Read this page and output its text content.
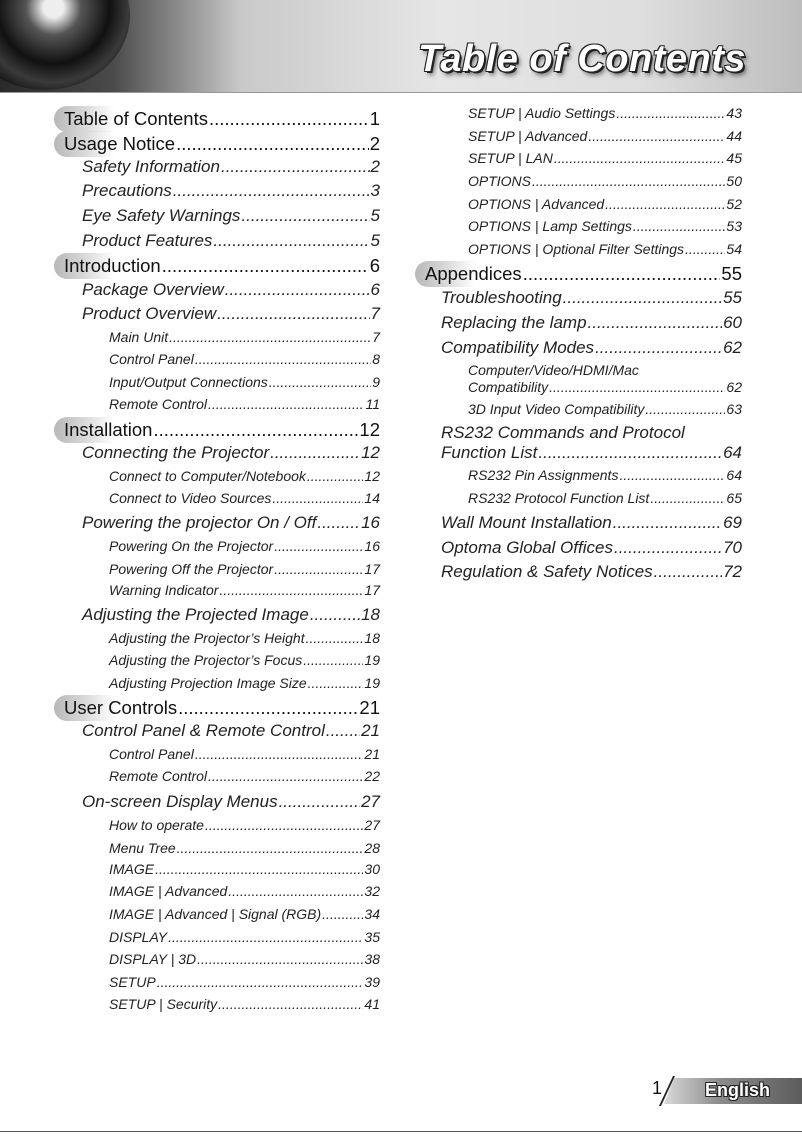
Table of Contents
Table of Contents .....	1
Usage Notice .....	2
Safety Information .....	2
Precautions .....	3
Eye Safety Warnings .....	5
Product Features .....	5
Introduction .....	6
Package Overview .....	6
Product Overview .....	7
Main Unit .....	7
Control Panel .....	8
Input/Output Connections .....	9
Remote Control .....	11
Installation .....	12
Connecting the Projector .....	12
Connect to Computer/Notebook .....	12
Connect to Video Sources .....	14
Powering the projector On / Off .....	16
Powering On the Projector .....	16
Powering Off the Projector .....	17
Warning Indicator .....	17
Adjusting the Projected Image .....	18
Adjusting the Projector’s Height .....	18
Adjusting the Projector’s Focus .....	19
Adjusting Projection Image Size .....	19
User Controls .....	21
Control Panel & Remote Control ..... 21
Control Panel .....	21
Remote Control .....	22
On-screen Display Menus .....	27
How to operate .....	27
Menu Tree .....	28
IMAGE .....	30
IMAGE | Advanced .....	32
IMAGE | Advanced | Signal (RGB) .....	34
DISPLAY .....	35
DISPLAY | 3D .....	38
SETUP .....	39
SETUP | Security .....	41
SETUP | Audio Settings .....	43
SETUP | Advanced .....	44
SETUP | LAN .....	45
OPTIONS .....	50
OPTIONS | Advanced .....	52
OPTIONS | Lamp Settings .....	53
OPTIONS | Optional Filter Settings .....	54
Appendices .....	55
Troubleshooting .....	55
Replacing the lamp .....	60
Compatibility Modes .....	62
Computer/Video/HDMI/Mac
Compatibility .....	62
3D Input Video Compatibility .....	63
RS232 Commands and Protocol
Function List .....	64
RS232 Pin Assignments .....	64
RS232 Protocol Function List .....	65
Wall Mount Installation .....	69
Optoma Global Offices .....	70
Regulation & Safety Notices .....	72
1 English
